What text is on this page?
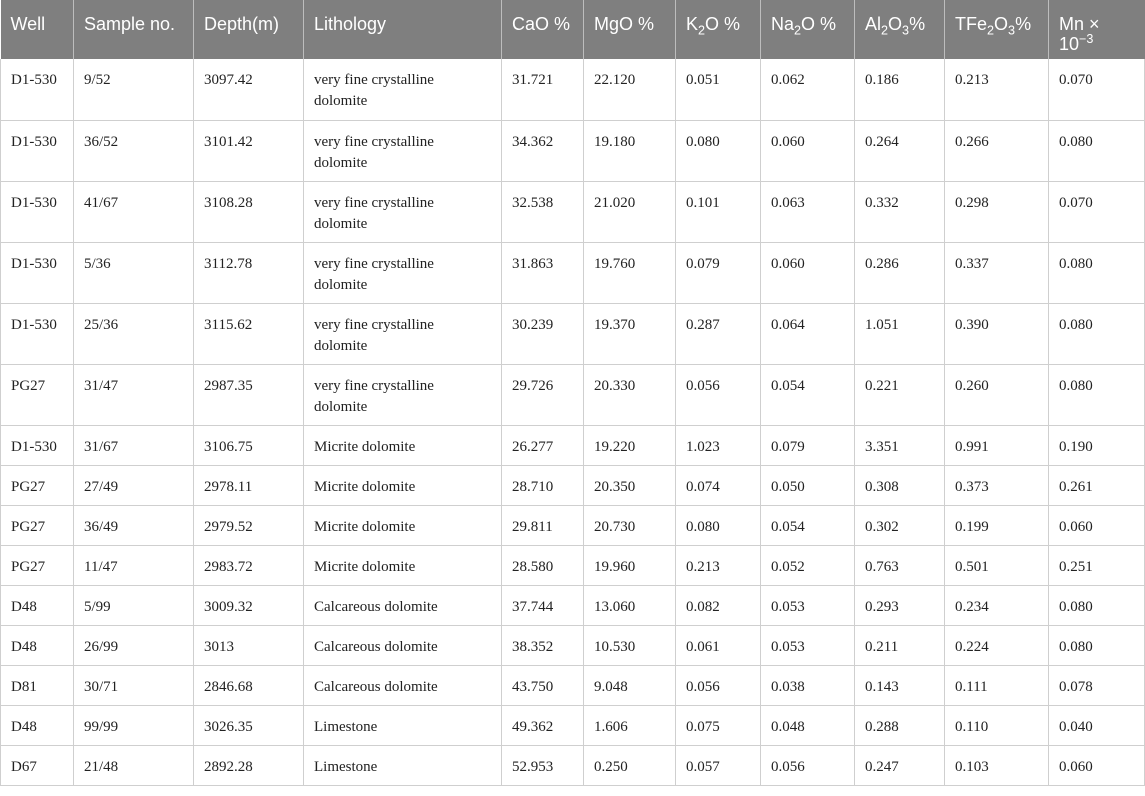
Well	Sample no.	Depth(m)	Lithology	CaO %	MgO %	$K_2O$ %	$Na_2O$ %	$Al_2O_3\%$	$TFe_2O_3\%$	$Mn \times 10^{-3}$
D1-530	9/52	3097.42	very fine crystalline dolomite	31.721	22.120	0.051	0.062	0.186	0.213	0.070
D1-530	36/52	3101.42	very fine crystalline dolomite	34.362	19.180	0.080	0.060	0.264	0.266	0.080
D1-530	41/67	3108.28	very fine crystalline dolomite	32.538	21.020	0.101	0.063	0.332	0.298	0.070
D1-530	5/36	3112.78	very fine crystalline dolomite	31.863	19.760	0.079	0.060	0.286	0.337	0.080
D1-530	25/36	3115.62	very fine crystalline dolomite	30.239	19.370	0.287	0.064	1.051	0.390	0.080
PG27	31/47	2987.35	very fine crystalline dolomite	29.726	20.330	0.056	0.054	0.221	0.260	0.080
D1-530	31/67	3106.75	Micrite dolomite	26.277	19.220	1.023	0.079	3.351	0.991	0.190
PG27	27/49	2978.11	Micrite dolomite	28.710	20.350	0.074	0.050	0.308	0.373	0.261
PG27	36/49	2979.52	Micrite dolomite	29.811	20.730	0.080	0.054	0.302	0.199	0.060
PG27	11/47	2983.72	Micrite dolomite	28.580	19.960	0.213	0.052	0.763	0.501	0.251
D48	5/99	3009.32	Calcareous dolomite	37.744	13.060	0.082	0.053	0.293	0.234	0.080
D48	26/99	3013	Calcareous dolomite	38.352	10.530	0.061	0.053	0.211	0.224	0.080
D81	30/71	2846.68	Calcareous dolomite	43.750	9.048	0.056	0.038	0.143	0.111	0.078
D48	99/99	3026.35	Limestone	49.362	1.606	0.075	0.048	0.288	0.110	0.040
D67	21/48	2892.28	Limestone	52.953	0.250	0.057	0.056	0.247	0.103	0.060
